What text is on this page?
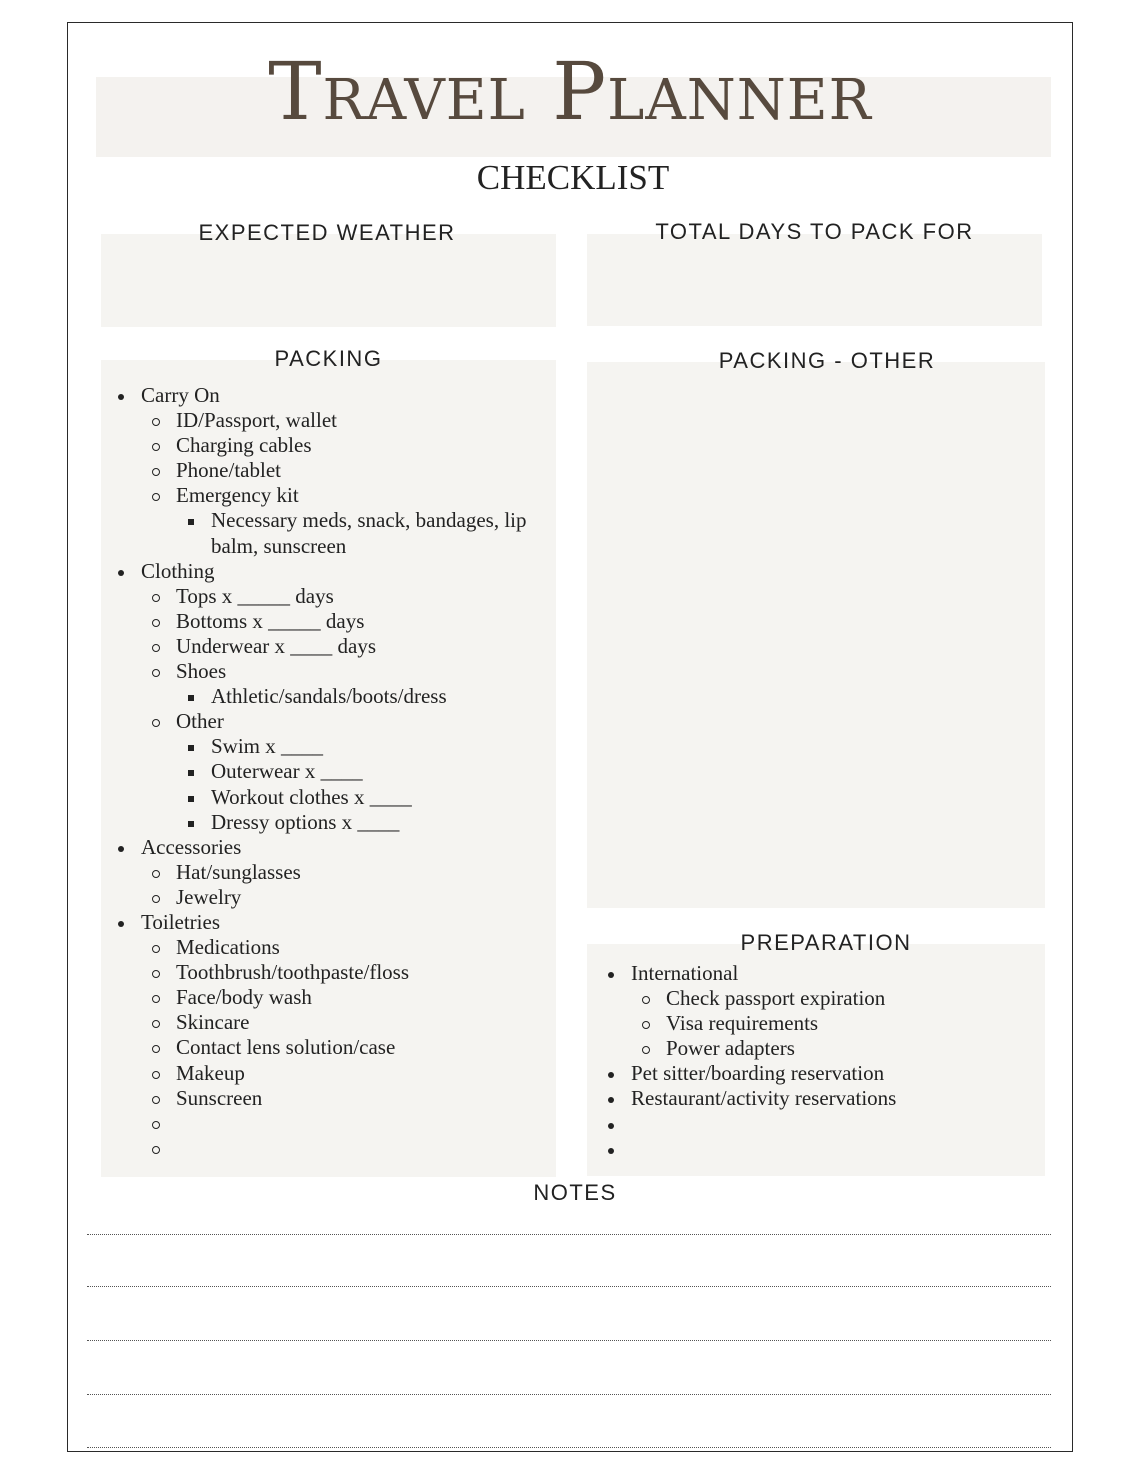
Travel Planner
CHECKLIST
EXPECTED WEATHER	TOTAL DAYS TO PACK FOR
PACKING
Carry On
ID/Passport, wallet
Charging cables
Phone/tablet
Emergency kit
Necessary meds, snack, bandages, lip balm, sunscreen
Clothing
Tops x _____ days
Bottoms x _____ days
Underwear x ____ days
Shoes
Athletic/sandals/boots/dress
Other
Swim x ____
Outerwear x ____
Workout clothes x ____
Dressy options x ____
Accessories
Hat/sunglasses
Jewelry
Toiletries
Medications
Toothbrush/toothpaste/floss
Face/body wash
Skincare
Contact lens solution/case
Makeup
Sunscreen

PACKING - OTHER
PREPARATION
International
Check passport expiration
Visa requirements
Power adapters
Pet sitter/boarding reservation
Restaurant/activity reservations

NOTES
